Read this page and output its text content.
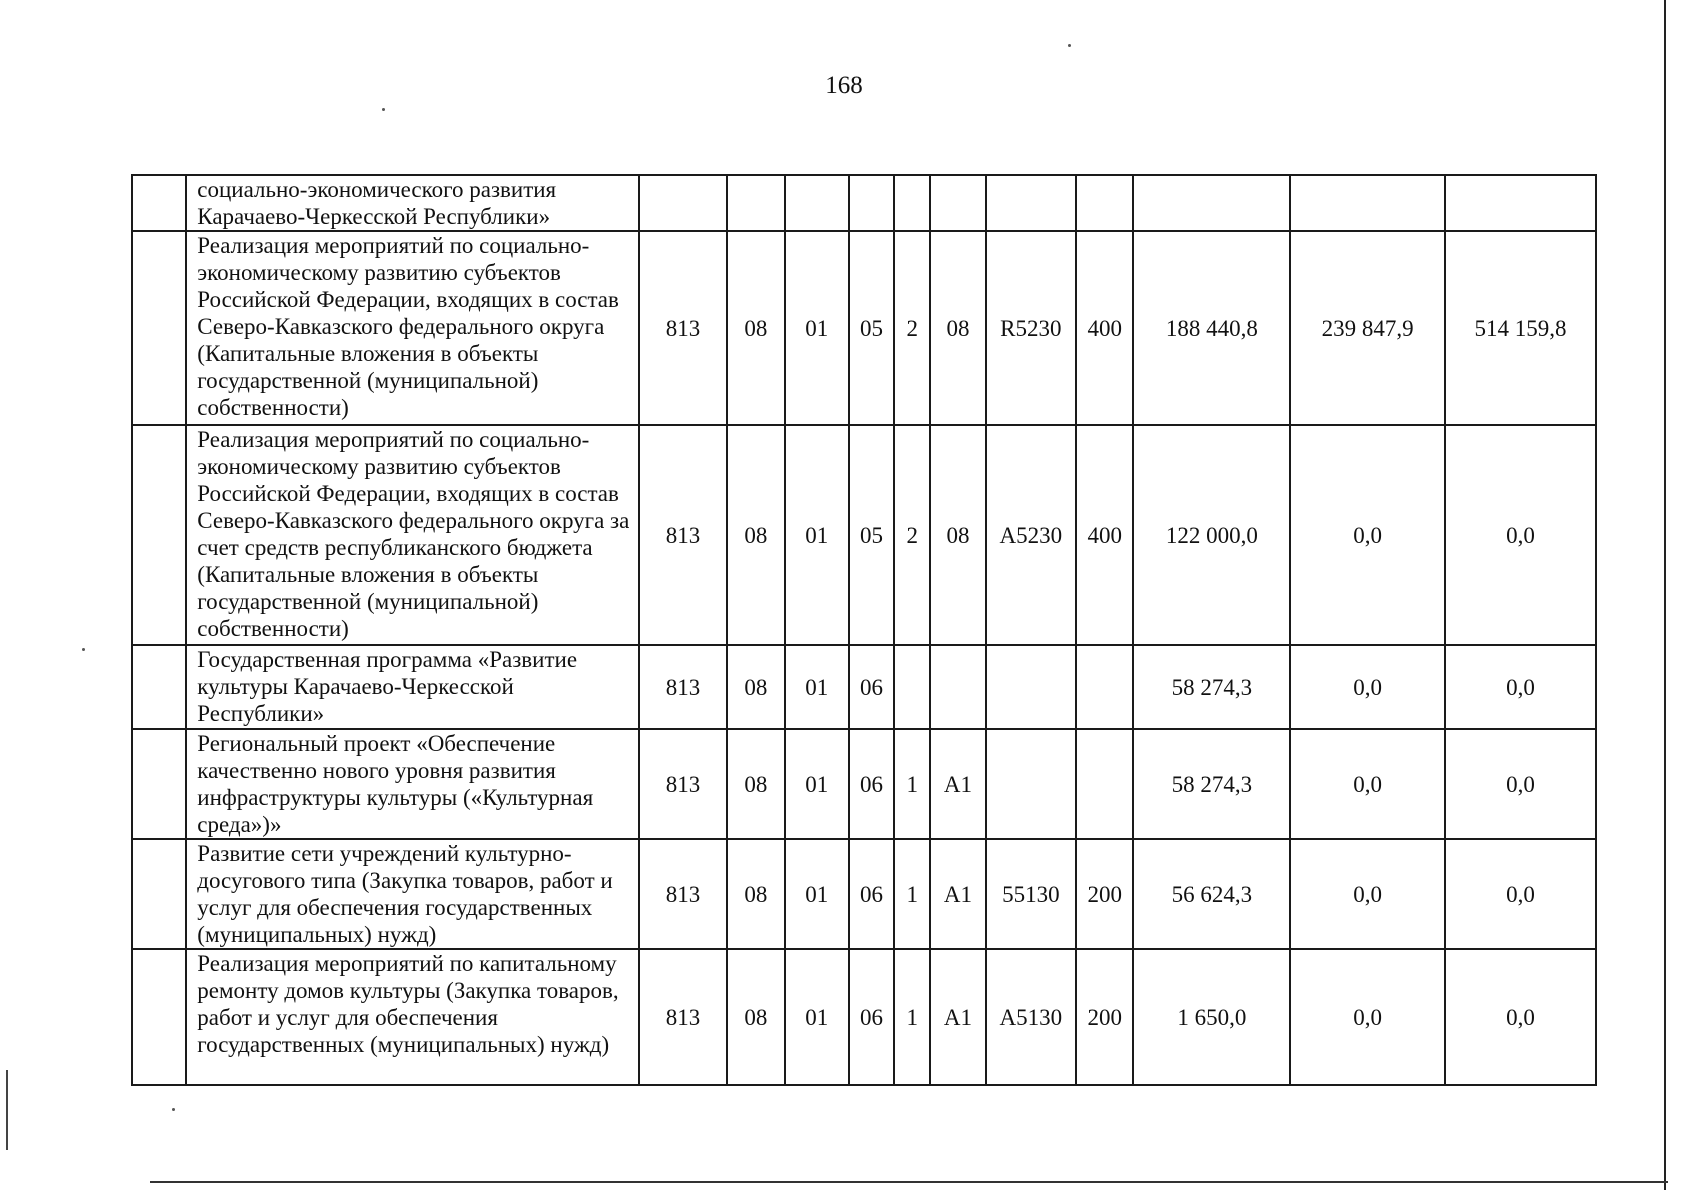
168
	социально-экономического развития Карачаево-Черкесской Республики»											
	Реализация мероприятий по социально-экономическому развитию субъектов Российской Федерации, входящих в состав Северо-Кавказского федерального округа (Капитальные вложения в объекты государственной (муниципальной) собственности)	813	08	01	05	2	08	R5230	400	188 440,8	239 847,9	514 159,8
	Реализация мероприятий по социально-экономическому развитию субъектов Российской Федерации, входящих в состав Северо-Кавказского федерального округа за счет средств республиканского бюджета (Капитальные вложения в объекты государственной (муниципальной) собственности)	813	08	01	05	2	08	А5230	400	122 000,0	0,0	0,0
	Государственная программа «Развитие культуры Карачаево-Черкесской Республики»	813	08	01	06					58 274,3	0,0	0,0
	Региональный проект «Обеспечение качественно нового уровня развития инфраструктуры культуры («Культурная среда»)»	813	08	01	06	1	А1			58 274,3	0,0	0,0
	Развитие сети учреждений культурно-досугового типа (Закупка товаров, работ и услуг для обеспечения государственных (муниципальных) нужд)	813	08	01	06	1	А1	55130	200	56 624,3	0,0	0,0
	Реализация мероприятий по капитальному ремонту домов культуры (Закупка товаров, работ и услуг для обеспечения государственных (муниципальных) нужд)	813	08	01	06	1	А1	А5130	200	1 650,0	0,0	0,0
